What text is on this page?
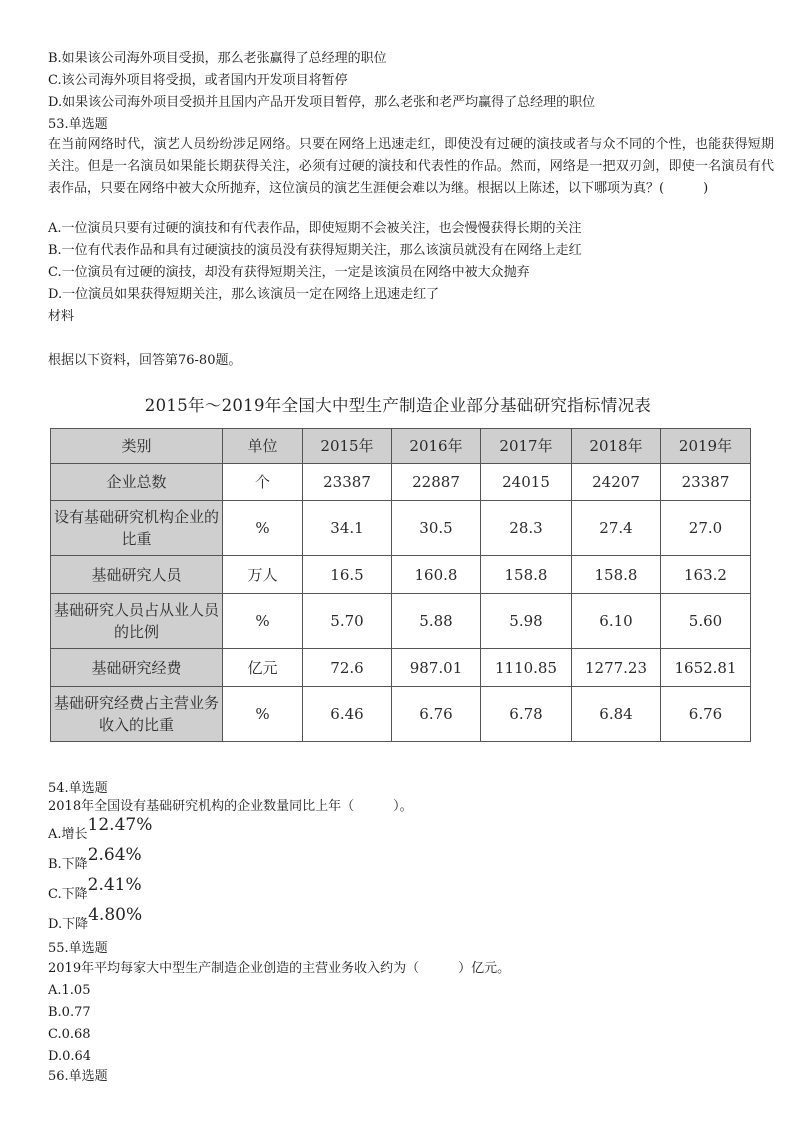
B.如果该公司海外项目受损，那么老张赢得了总经理的职位
C.该公司海外项目将受损，或者国内开发项目将暂停
D.如果该公司海外项目受损并且国内产品开发项目暂停，那么老张和老严均赢得了总经理的职位
53.单选题
在当前网络时代，演艺人员纷纷涉足网络。只要在网络上迅速走红，即使没有过硬的演技或者与众不同的个性，也能获得短期关注。但是一名演员如果能长期获得关注，必须有过硬的演技和代表性的作品。然而，网络是一把双刃剑，即使一名演员有代表作品，只要在网络中被大众所抛弃，这位演员的演艺生涯便会难以为继。根据以上陈述，以下哪项为真？(　　　)
A.一位演员只要有过硬的演技和有代表作品，即使短期不会被关注，也会慢慢获得长期的关注
B.一位有代表作品和具有过硬演技的演员没有获得短期关注，那么该演员就没有在网络上走红
C.一位演员有过硬的演技，却没有获得短期关注，一定是该演员在网络中被大众抛弃
D.一位演员如果获得短期关注，那么该演员一定在网络上迅速走红了
材料
根据以下资料，回答第76-80题。
2015年～2019年全国大中型生产制造企业部分基础研究指标情况表
类别	单位	2015年	2016年	2017年	2018年	2019年
企业总数	个	23387	22887	24015	24207	23387
设有基础研究机构企业的比重	%	34.1	30.5	28.3	27.4	27.0
基础研究人员	万人	16.5	160.8	158.8	158.8	163.2
基础研究人员占从业人员的比例	%	5.70	5.88	5.98	6.10	5.60
基础研究经费	亿元	72.6	987.01	1110.85	1277.23	1652.81
基础研究经费占主营业务收入的比重	%	6.46	6.76	6.78	6.84	6.76
54.单选题
2018年全国设有基础研究机构的企业数量同比上年（　　　）。
A.增长12.47%
B.下降2.64%
C.下降2.41%
D.下降4.80%
55.单选题
2019年平均每家大中型生产制造企业创造的主营业务收入约为（　　　）亿元。
A.1.05
B.0.77
C.0.68
D.0.64
56.单选题
